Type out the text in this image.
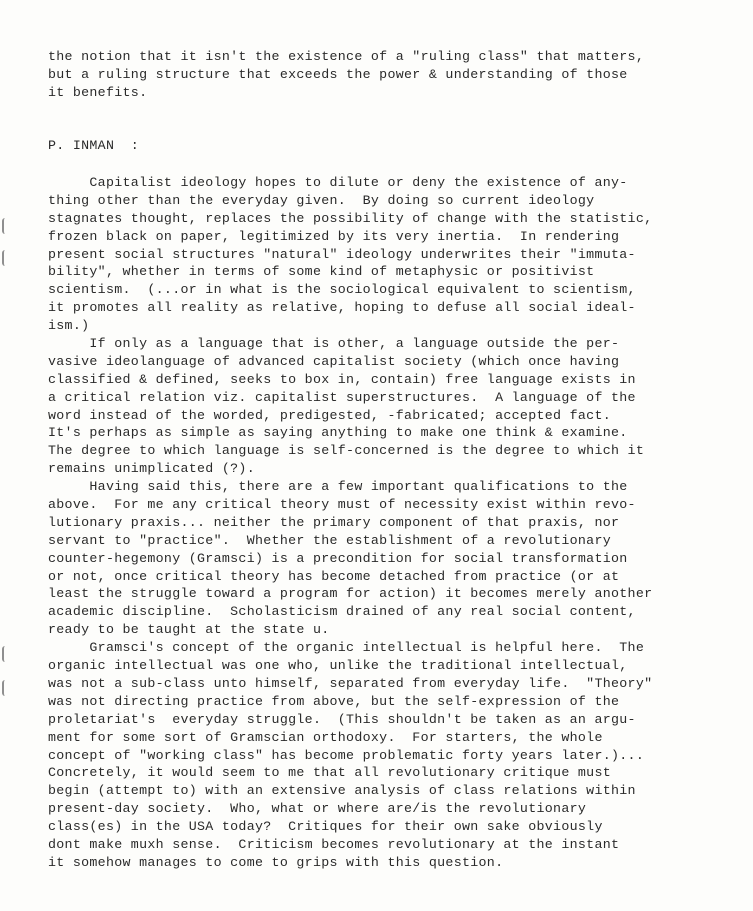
the notion that it isn't the existence of a "ruling class" that matters,
but a ruling structure that exceeds the power & understanding of those
it benefits.
P. INMAN  :
Capitalist ideology hopes to dilute or deny the existence of any-
thing other than the everyday given.  By doing so current ideology
stagnates thought, replaces the possibility of change with the statistic,
frozen black on paper, legitimized by its very inertia.  In rendering
present social structures "natural" ideology underwrites their "immuta-
bility", whether in terms of some kind of metaphysic or positivist
scientism.  (...or in what is the sociological equivalent to scientism,
it promotes all reality as relative, hoping to defuse all social ideal-
ism.)
If only as a language that is other, a language outside the per-
vasive ideolanguage of advanced capitalist society (which once having
classified & defined, seeks to box in, contain) free language exists in
a critical relation viz. capitalist superstructures.  A language of the
word instead of the worded, predigested, -fabricated; accepted fact.
It's perhaps as simple as saying anything to make one think & examine.
The degree to which language is self-concerned is the degree to which it
remains unimplicated (?).
Having said this, there are a few important qualifications to the
above.  For me any critical theory must of necessity exist within revo-
lutionary praxis... neither the primary component of that praxis, nor
servant to "practice".  Whether the establishment of a revolutionary
counter-hegemony (Gramsci) is a precondition for social transformation
or not, once critical theory has become detached from practice (or at
least the struggle toward a program for action) it becomes merely another
academic discipline.  Scholasticism drained of any real social content,
ready to be taught at the state u.
Gramsci's concept of the organic intellectual is helpful here.  The
organic intellectual was one who, unlike the traditional intellectual,
was not a sub-class unto himself, separated from everyday life.  "Theory"
was not directing practice from above, but the self-expression of the
proletariat's  everyday struggle.  (This shouldn't be taken as an argu-
ment for some sort of Gramscian orthodoxy.  For starters, the whole
concept of "working class" has become problematic forty years later.)...
Concretely, it would seem to me that all revolutionary critique must
begin (attempt to) with an extensive analysis of class relations within
present-day society.  Who, what or where are/is the revolutionary
class(es) in the USA today?  Critiques for their own sake obviously
dont make muxh sense.  Criticism becomes revolutionary at the instant
it somehow manages to come to grips with this question.
